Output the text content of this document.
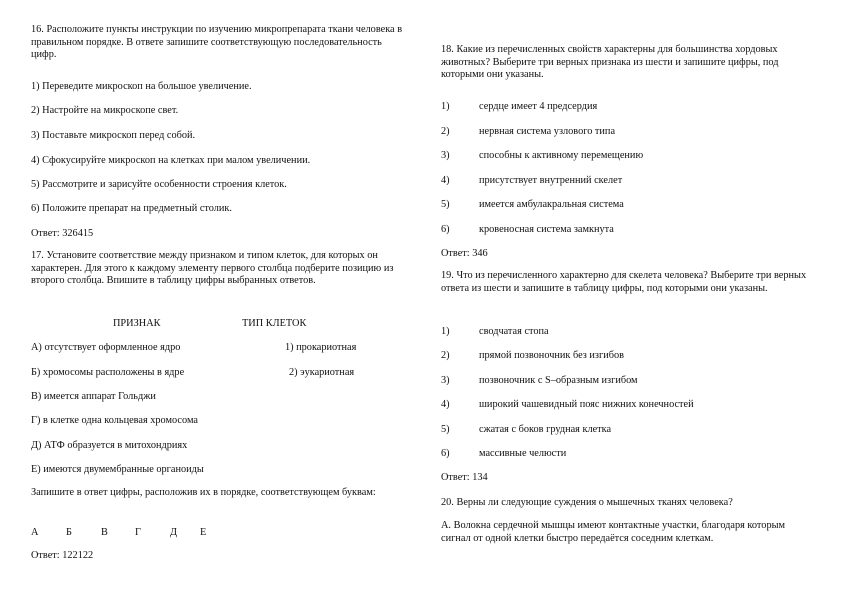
16. Расположите пункты инструкции по изучению микропрепарата ткани человека в правильном порядке. В ответе запишите соответствующую последовательность цифр.

1) Переведите микроскоп на большое увеличение.

2) Настройте на микроскопе свет.

3) Поставьте микроскоп перед собой.

4) Сфокусируйте микроскоп на клетках при малом увеличении.

5) Рассмотрите и зарисуйте особенности строения клеток.

6) Положите препарат на предметный столик.

Ответ: 326415

17. Установите соответствие между признаком и типом клеток, для которых он характерен. Для этого к каждому элементу первого столбца подберите позицию из второго столбца. Впишите в таблицу цифры выбранных ответов.

ПРИЗНАК	ТИП КЛЕТОК
А) отсутствует оформленное ядро	1) прокариотная
Б) хромосомы расположены в ядре	2) эукариотная

В) имеется аппарат Гольджи

Г) в клетке одна кольцевая хромосома

Д) АТФ образуется в митохондриях

Е) имеются двумембранные органоиды

Запишите в ответ цифры, расположив их в порядке, соответствующем буквам:

А	Б	В	Г	Д Е

Ответ: 122122

18. Какие из перечисленных свойств характерны для большинства хордовых животных? Выберите три верных признака из шести и запишите цифры, под которыми они указаны.

1)	сердце имеет 4 предсердия
2)	нервная система узлового типа
3)	способны к активному перемещению
4)	присутствует внутренний скелет
5)	имеется амбулакральная система
6)	кровеносная система замкнута

Ответ: 346

19. Что из перечисленного характерно для скелета человека? Выберите три верных ответа из шести и запишите в таблицу цифры, под которыми они указаны.

1)	сводчатая стопа
2)	прямой позвоночник без изгибов
3)	позвоночник с S–образным изгибом
4)	широкий чашевидный пояс нижних конечностей
5)	сжатая с боков грудная клетка
6)	массивные челюсти

Ответ: 134

20. Верны ли следующие суждения о мышечных тканях человека?

А. Волокна сердечной мышцы имеют контактные участки, благодаря которым сигнал от одной клетки быстро передаётся соседним клеткам.
